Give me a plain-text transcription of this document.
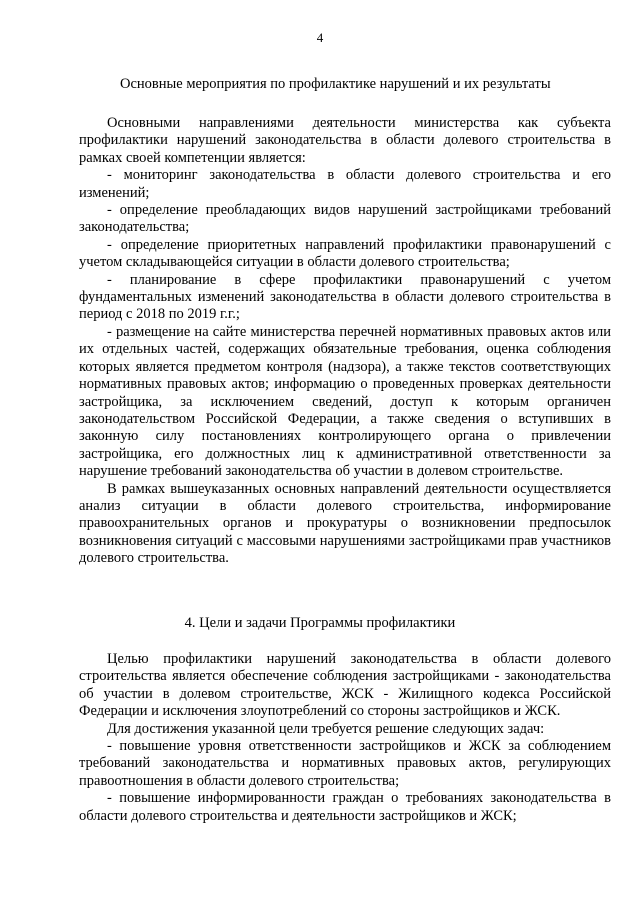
4
Основные мероприятия по профилактике нарушений и их результаты

Основными направлениями деятельности министерства как субъекта профилактики нарушений законодательства в области долевого строительства в рамках своей компетенции является:

- мониторинг законодательства в области долевого строительства и его изменений;

- определение преобладающих видов нарушений застройщиками требований законодательства;

- определение приоритетных направлений профилактики правонарушений с учетом складывающейся ситуации в области долевого строительства;

- планирование в сфере профилактики правонарушений с учетом фундаментальных изменений законодательства в области долевого строительства в период с 2018 по 2019 г.г.;

- размещение на сайте министерства перечней нормативных правовых актов или их отдельных частей, содержащих обязательные требования, оценка соблюдения которых является предметом контроля (надзора), а также текстов соответствующих нормативных правовых актов; информацию о проведенных проверках деятельности застройщика, за исключением сведений, доступ к которым органичен законодательством Российской Федерации, а также сведения о вступивших в законную силу постановлениях контролирующего органа о привлечении застройщика, его должностных лиц к административной ответственности за нарушение требований законодательства об участии в долевом строительстве.

В рамках вышеуказанных основных направлений деятельности осуществляется анализ ситуации в области долевого строительства, информирование правоохранительных органов и прокуратуры о возникновении предпосылок возникновения ситуаций с массовыми нарушениями застройщиками прав участников долевого строительства.

4. Цели и задачи Программы профилактики

Целью профилактики нарушений законодательства в области долевого строительства является обеспечение соблюдения застройщиками - законодательства об участии в долевом строительстве, ЖСК - Жилищного кодекса Российской Федерации и исключения злоупотреблений со стороны застройщиков и ЖСК.

Для достижения указанной цели требуется решение следующих задач:

- повышение уровня ответственности застройщиков и ЖСК за соблюдением требований законодательства и нормативных правовых актов, регулирующих правоотношения в области долевого строительства;

- повышение информированности граждан о требованиях законодательства в области долевого строительства и деятельности застройщиков и ЖСК;
